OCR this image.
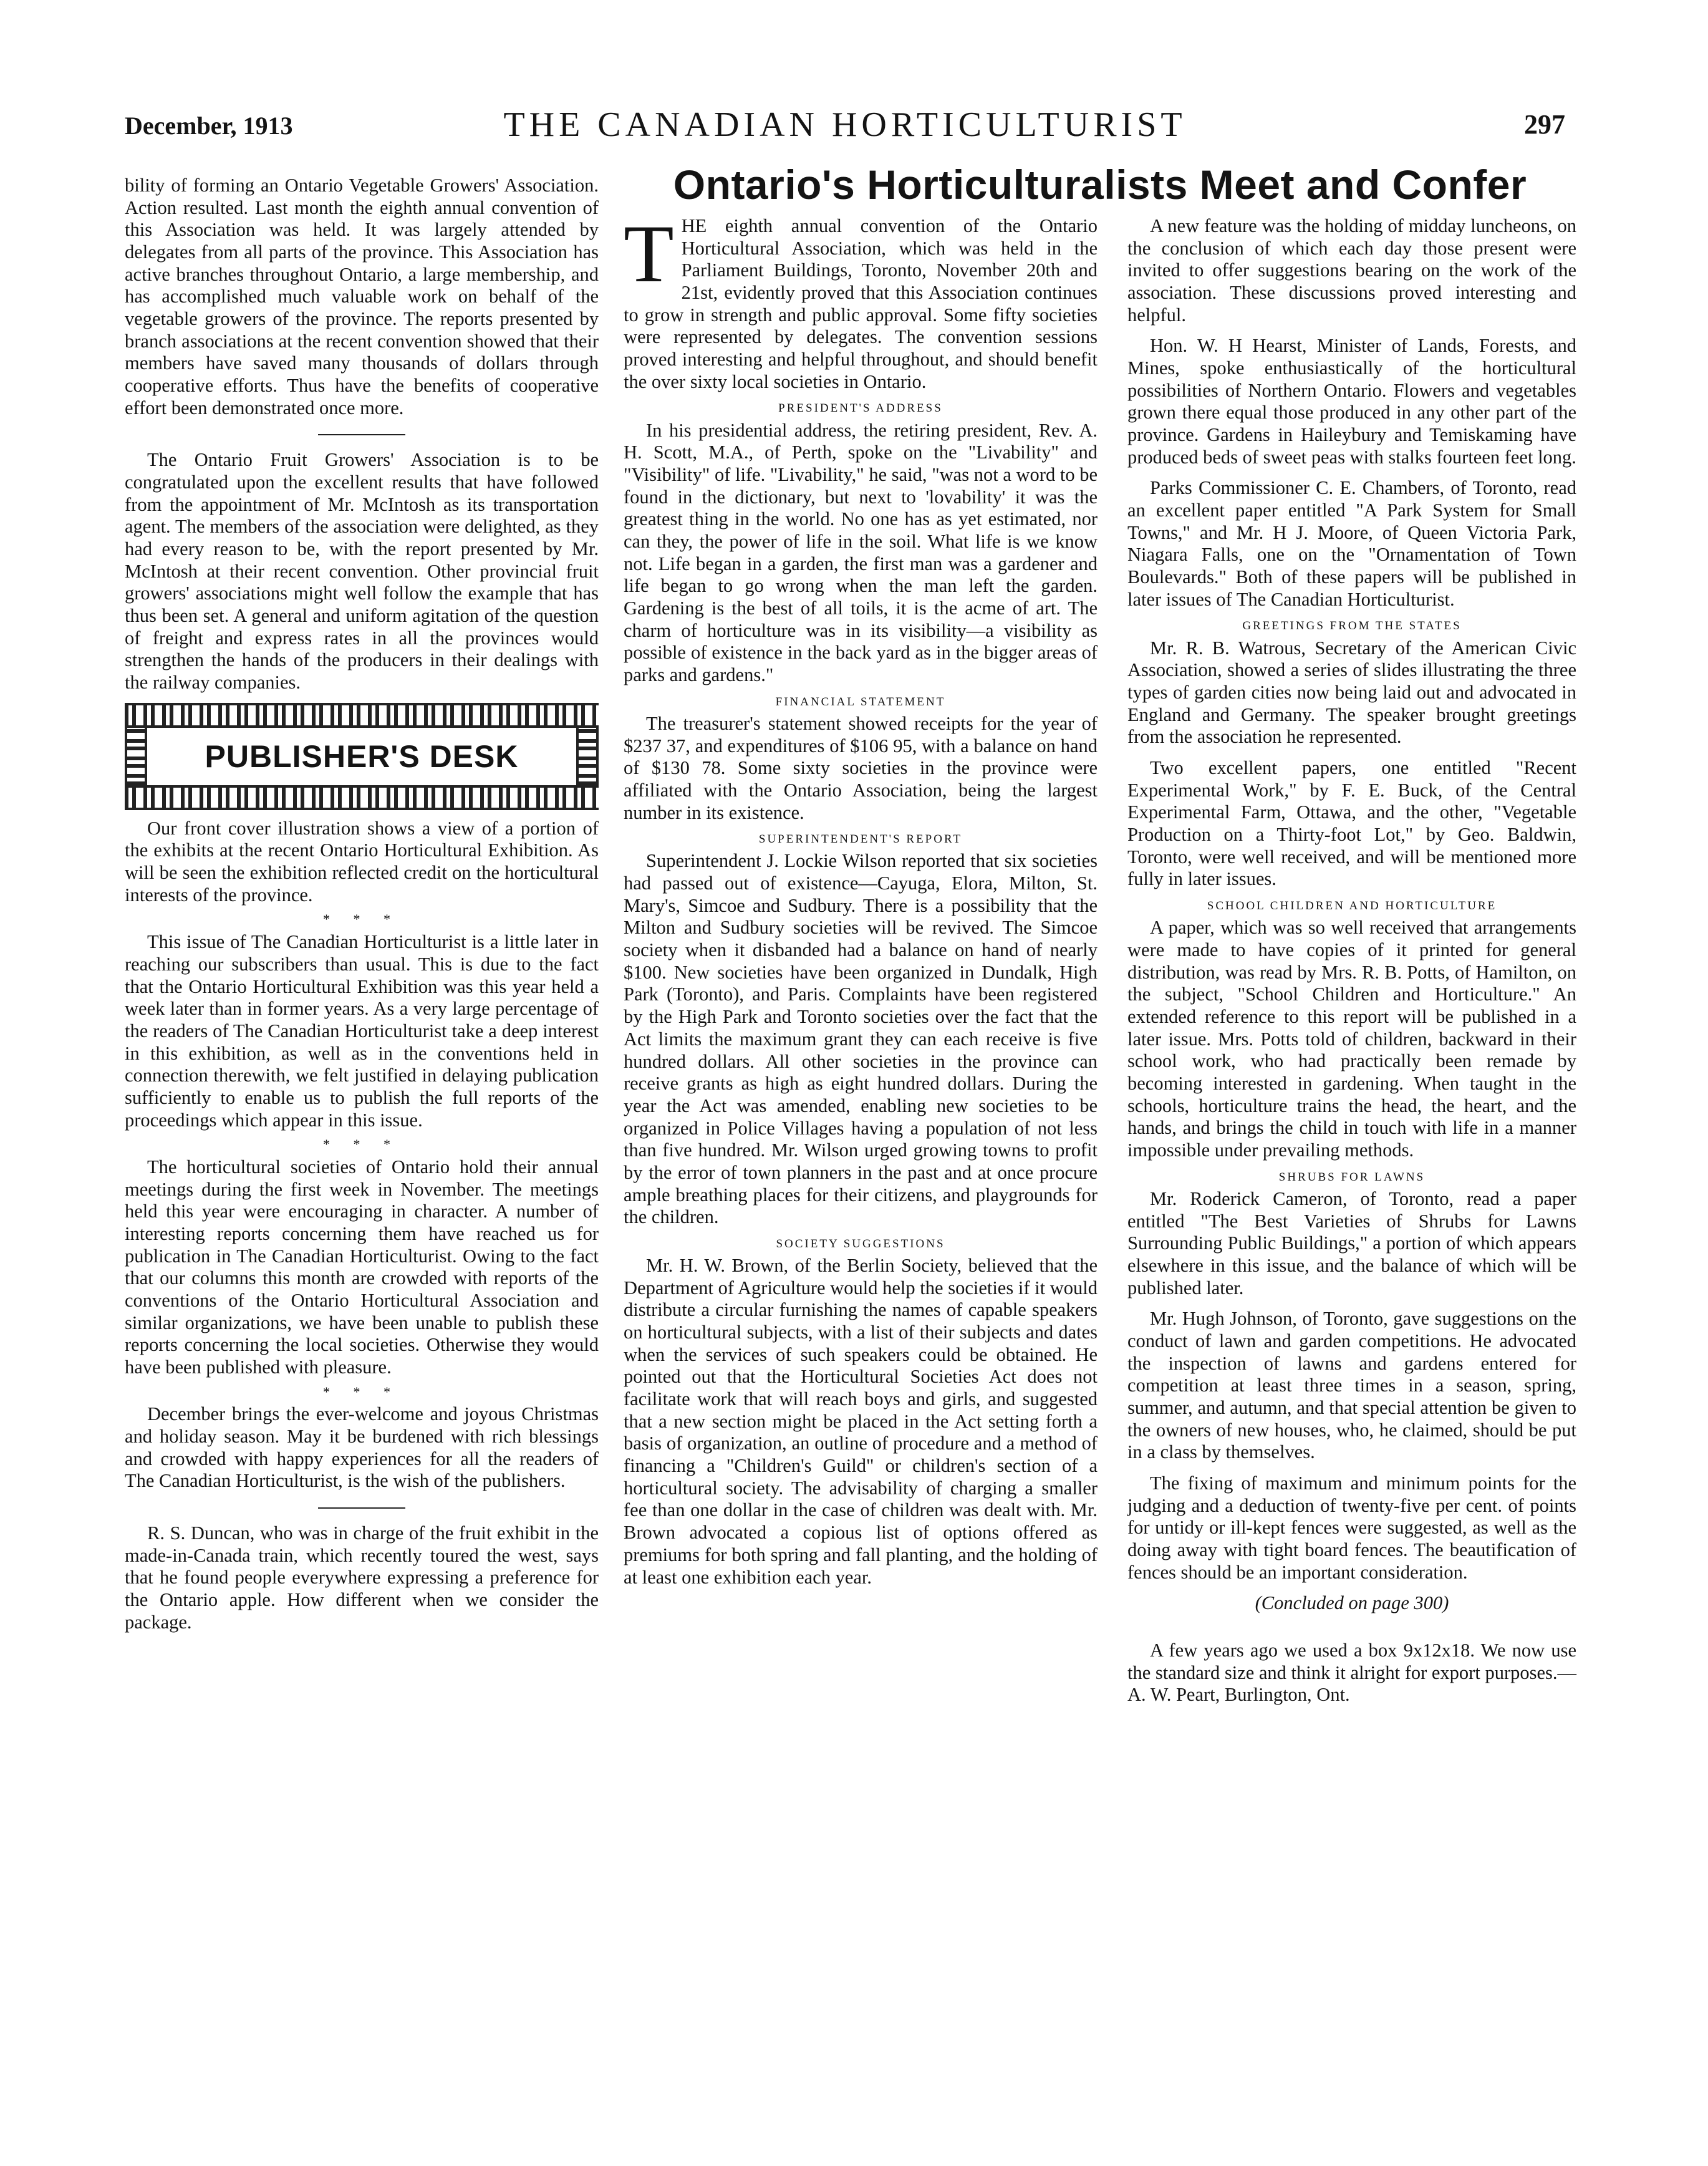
December, 1913	THE CANADIAN HORTICULTURIST	297
Ontario's Horticulturalists Meet and Confer

bility of forming an Ontario Vegetable Growers' Association. Action resulted. Last month the eighth annual convention of this Association was held. It was largely attended by delegates from all parts of the province. This Association has active branches throughout Ontario, a large membership, and has accomplished much valuable work on behalf of the vegetable growers of the province. The reports presented by branch associations at the recent convention showed that their members have saved many thousands of dollars through cooperative efforts. Thus have the benefits of cooperative effort been demonstrated once more.

The Ontario Fruit Growers' Association is to be congratulated upon the excellent results that have followed from the appointment of Mr. McIntosh as its transportation agent. The members of the association were delighted, as they had every reason to be, with the report presented by Mr. McIntosh at their recent convention. Other provincial fruit growers' associations might well follow the example that has thus been set. A general and uniform agitation of the question of freight and express rates in all the provinces would strengthen the hands of the producers in their dealings with the railway companies.

PUBLISHER'S DESK

Our front cover illustration shows a view of a portion of the exhibits at the recent Ontario Horticultural Exhibition. As will be seen the exhibition reflected credit on the horticultural interests of the province.

* * *

This issue of The Canadian Horticulturist is a little later in reaching our subscribers than usual. This is due to the fact that the Ontario Horticultural Exhibition was this year held a week later than in former years. As a very large percentage of the readers of The Canadian Horticulturist take a deep interest in this exhibition, as well as in the conventions held in connection therewith, we felt justified in delaying publication sufficiently to enable us to publish the full reports of the proceedings which appear in this issue.

* * *

The horticultural societies of Ontario hold their annual meetings during the first week in November. The meetings held this year were encouraging in character. A number of interesting reports concerning them have reached us for publication in The Canadian Horticulturist. Owing to the fact that our columns this month are crowded with reports of the conventions of the Ontario Horticultural Association and similar organizations, we have been unable to publish these reports concerning the local societies. Otherwise they would have been published with pleasure.

* * *

December brings the ever-welcome and joyous Christmas and holiday season. May it be burdened with rich blessings and crowded with happy experiences for all the readers of The Canadian Horticulturist, is the wish of the publishers.

R. S. Duncan, who was in charge of the fruit exhibit in the made-in-Canada train, which recently toured the west, says that he found people everywhere expressing a preference for the Ontario apple. How different when we consider the package.

THE eighth annual convention of the Ontario Horticultural Association, which was held in the Parliament Buildings, Toronto, November 20th and 21st, evidently proved that this Association continues to grow in strength and public approval. Some fifty societies were represented by delegates. The convention sessions proved interesting and helpful throughout, and should benefit the over sixty local societies in Ontario.

PRESIDENT'S ADDRESS

In his presidential address, the retiring president, Rev. A. H. Scott, M.A., of Perth, spoke on the "Livability" and "Visibility" of life. "Livability," he said, "was not a word to be found in the dictionary, but next to 'lovability' it was the greatest thing in the world. No one has as yet estimated, nor can they, the power of life in the soil. What life is we know not. Life began in a garden, the first man was a gardener and life began to go wrong when the man left the garden. Gardening is the best of all toils, it is the acme of art. The charm of horticulture was in its visibility—a visibility as possible of existence in the back yard as in the bigger areas of parks and gardens."

FINANCIAL STATEMENT

The treasurer's statement showed receipts for the year of $237 37, and expenditures of $106 95, with a balance on hand of $130 78. Some sixty societies in the province were affiliated with the Ontario Association, being the largest number in its existence.

SUPERINTENDENT'S REPORT

Superintendent J. Lockie Wilson reported that six societies had passed out of existence—Cayuga, Elora, Milton, St. Mary's, Simcoe and Sudbury. There is a possibility that the Milton and Sudbury societies will be revived. The Simcoe society when it disbanded had a balance on hand of nearly $100. New societies have been organized in Dundalk, High Park (Toronto), and Paris. Complaints have been registered by the High Park and Toronto societies over the fact that the Act limits the maximum grant they can each receive is five hundred dollars. All other societies in the province can receive grants as high as eight hundred dollars. During the year the Act was amended, enabling new societies to be organized in Police Villages having a population of not less than five hundred. Mr. Wilson urged growing towns to profit by the error of town planners in the past and at once procure ample breathing places for their citizens, and playgrounds for the children.

SOCIETY SUGGESTIONS

Mr. H. W. Brown, of the Berlin Society, believed that the Department of Agriculture would help the societies if it would distribute a circular furnishing the names of capable speakers on horticultural subjects, with a list of their subjects and dates when the services of such speakers could be obtained. He pointed out that the Horticultural Societies Act does not facilitate work that will reach boys and girls, and suggested that a new section might be placed in the Act setting forth a basis of organization, an outline of procedure and a method of financing a "Children's Guild" or children's section of a horticultural society. The advisability of charging a smaller fee than one dollar in the case of children was dealt with. Mr. Brown advocated a copious list of options offered as premiums for both spring and fall planting, and the holding of at least one exhibition each year.

A new feature was the holding of midday luncheons, on the conclusion of which each day those present were invited to offer suggestions bearing on the work of the association. These discussions proved interesting and helpful.

Hon. W. H Hearst, Minister of Lands, Forests, and Mines, spoke enthusiastically of the horticultural possibilities of Northern Ontario. Flowers and vegetables grown there equal those produced in any other part of the province. Gardens in Haileybury and Temiskaming have produced beds of sweet peas with stalks fourteen feet long.

Parks Commissioner C. E. Chambers, of Toronto, read an excellent paper entitled "A Park System for Small Towns," and Mr. H J. Moore, of Queen Victoria Park, Niagara Falls, one on the "Ornamentation of Town Boulevards." Both of these papers will be published in later issues of The Canadian Horticulturist.

GREETINGS FROM THE STATES

Mr. R. B. Watrous, Secretary of the American Civic Association, showed a series of slides illustrating the three types of garden cities now being laid out and advocated in England and Germany. The speaker brought greetings from the association he represented.

Two excellent papers, one entitled "Recent Experimental Work," by F. E. Buck, of the Central Experimental Farm, Ottawa, and the other, "Vegetable Production on a Thirty-foot Lot," by Geo. Baldwin, Toronto, were well received, and will be mentioned more fully in later issues.

SCHOOL CHILDREN AND HORTICULTURE

A paper, which was so well received that arrangements were made to have copies of it printed for general distribution, was read by Mrs. R. B. Potts, of Hamilton, on the subject, "School Children and Horticulture." An extended reference to this report will be published in a later issue. Mrs. Potts told of children, backward in their school work, who had practically been remade by becoming interested in gardening. When taught in the schools, horticulture trains the head, the heart, and the hands, and brings the child in touch with life in a manner impossible under prevailing methods.

SHRUBS FOR LAWNS

Mr. Roderick Cameron, of Toronto, read a paper entitled "The Best Varieties of Shrubs for Lawns Surrounding Public Buildings," a portion of which appears elsewhere in this issue, and the balance of which will be published later.

Mr. Hugh Johnson, of Toronto, gave suggestions on the conduct of lawn and garden competitions. He advocated the inspection of lawns and gardens entered for competition at least three times in a season, spring, summer, and autumn, and that special attention be given to the owners of new houses, who, he claimed, should be put in a class by themselves.

The fixing of maximum and minimum points for the judging and a deduction of twenty-five per cent. of points for untidy or ill-kept fences were suggested, as well as the doing away with tight board fences. The beautification of fences should be an important consideration.

(Concluded on page 300)

A few years ago we used a box 9x12x18. We now use the standard size and think it alright for export purposes.—A. W. Peart, Burlington, Ont.
